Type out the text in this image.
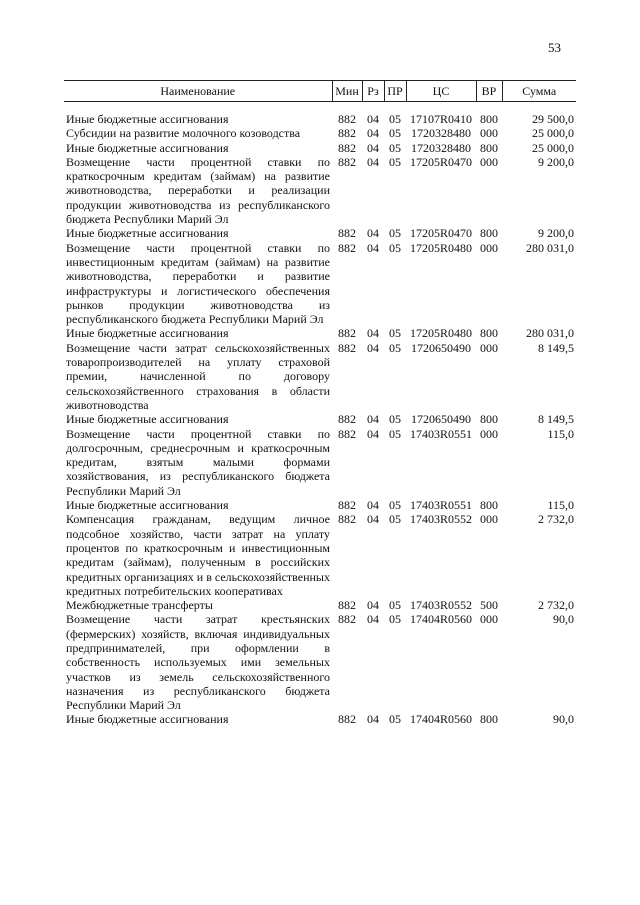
53
Наименование	Мин	Рз	ПР	ЦС	ВР	Сумма
Иные бюджетные ассигнования	882	04	05	17107R0410	800	29 500,0
Субсидии на развитие молочного козоводства	882	04	05	1720328480	000	25 000,0
Иные бюджетные ассигнования	882	04	05	1720328480	800	25 000,0
Возмещение части процентной ставки по краткосрочным кредитам (займам) на развитие животноводства, переработки и реализации продукции животноводства из республиканского бюджета Республики Марий Эл	882	04	05	17205R0470	000	9 200,0
Иные бюджетные ассигнования	882	04	05	17205R0470	800	9 200,0
Возмещение части процентной ставки по инвестиционным кредитам (займам) на развитие животноводства, переработки и развитие инфраструктуры и логистического обеспечения рынков продукции животноводства из республиканского бюджета Республики Марий Эл	882	04	05	17205R0480	000	280 031,0
Иные бюджетные ассигнования	882	04	05	17205R0480	800	280 031,0
Возмещение части затрат сельскохозяйственных товаропроизводителей на уплату страховой премии, начисленной по договору сельскохозяйственного страхования в области животноводства	882	04	05	1720650490	000	8 149,5
Иные бюджетные ассигнования	882	04	05	1720650490	800	8 149,5
Возмещение части процентной ставки по долгосрочным, среднесрочным и краткосрочным кредитам, взятым малыми формами хозяйствования, из республиканского бюджета Республики Марий Эл	882	04	05	17403R0551	000	115,0
Иные бюджетные ассигнования	882	04	05	17403R0551	800	115,0
Компенсация гражданам, ведущим личное подсобное хозяйство, части затрат на уплату процентов по краткосрочным и инвестиционным кредитам (займам), полученным в российских кредитных организациях и в сельскохозяйственных кредитных потребительских кооперативах	882	04	05	17403R0552	000	2 732,0
Межбюджетные трансферты	882	04	05	17403R0552	500	2 732,0
Возмещение части затрат крестьянских (фермерских) хозяйств, включая индивидуальных предпринимателей, при оформлении в собственность используемых ими земельных участков из земель сельскохозяйственного назначения из республиканского бюджета Республики Марий Эл	882	04	05	17404R0560	000	90,0
Иные бюджетные ассигнования	882	04	05	17404R0560	800	90,0
